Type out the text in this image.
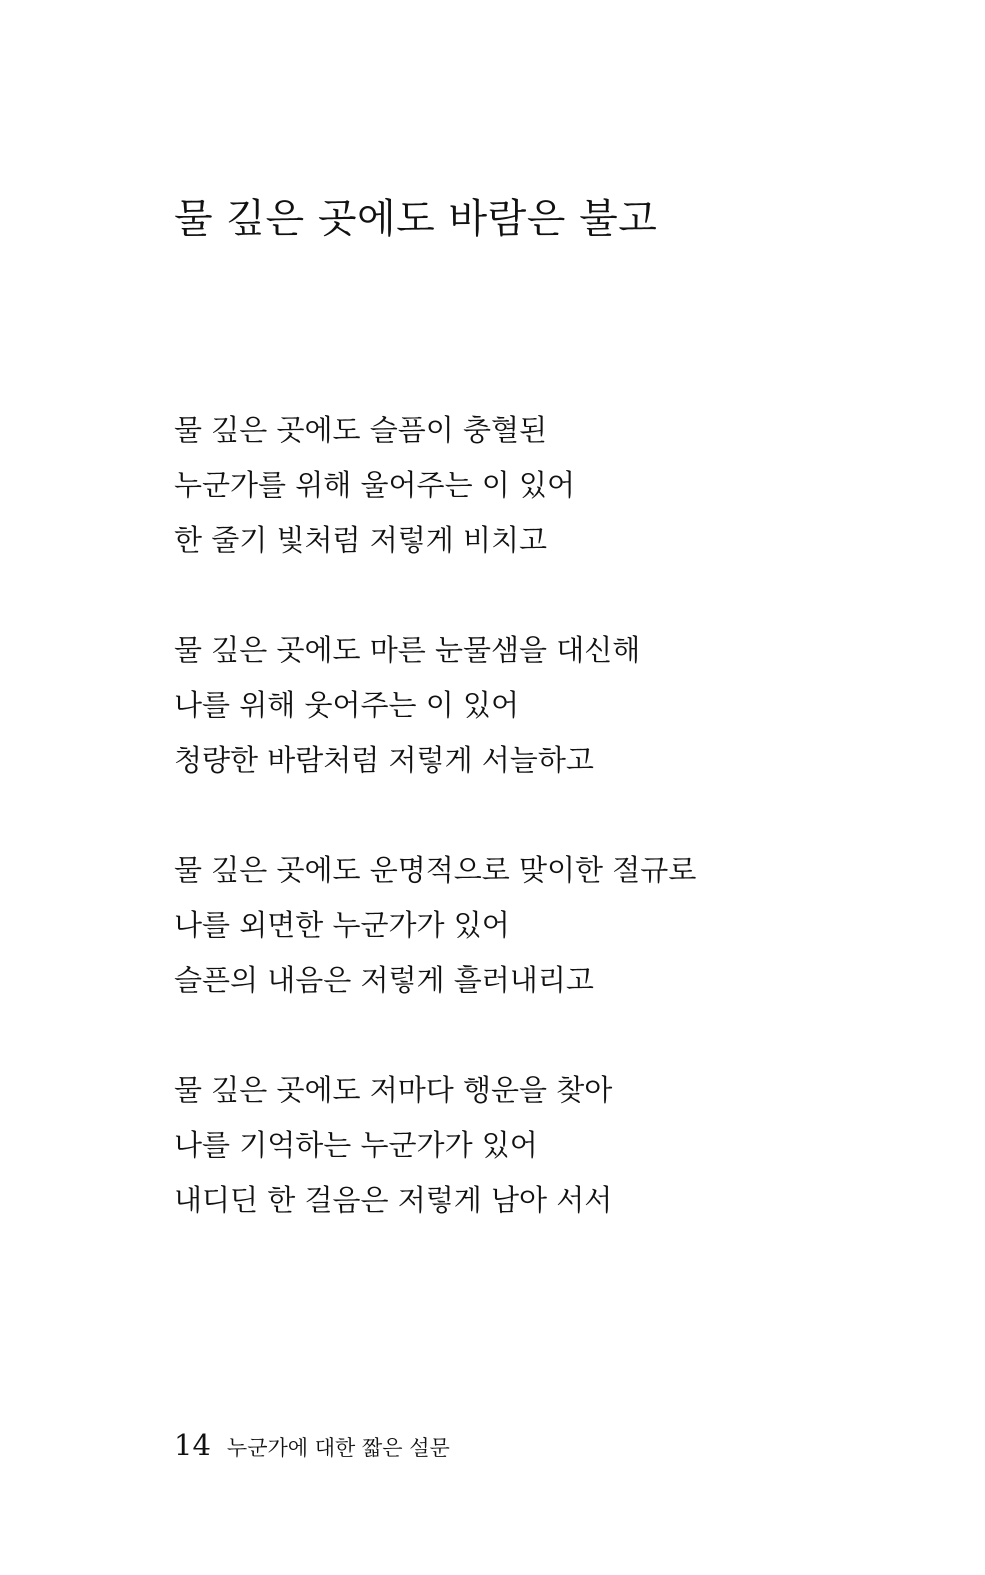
물 깊은 곳에도 바람은 불고
물 깊은 곳에도 슬픔이 충혈된
누군가를 위해 울어주는 이 있어
한 줄기 빛처럼 저렇게 비치고
물 깊은 곳에도 마른 눈물샘을 대신해
나를 위해 웃어주는 이 있어
청량한 바람처럼 저렇게 서늘하고
물 깊은 곳에도 운명적으로 맞이한 절규로
나를 외면한 누군가가 있어
슬픈의 내음은 저렇게 흘러내리고
물 깊은 곳에도 저마다 행운을 찾아
나를 기억하는 누군가가 있어
내디딘 한 걸음은 저렇게 남아 서서
14 누군가에 대한 짧은 설문
